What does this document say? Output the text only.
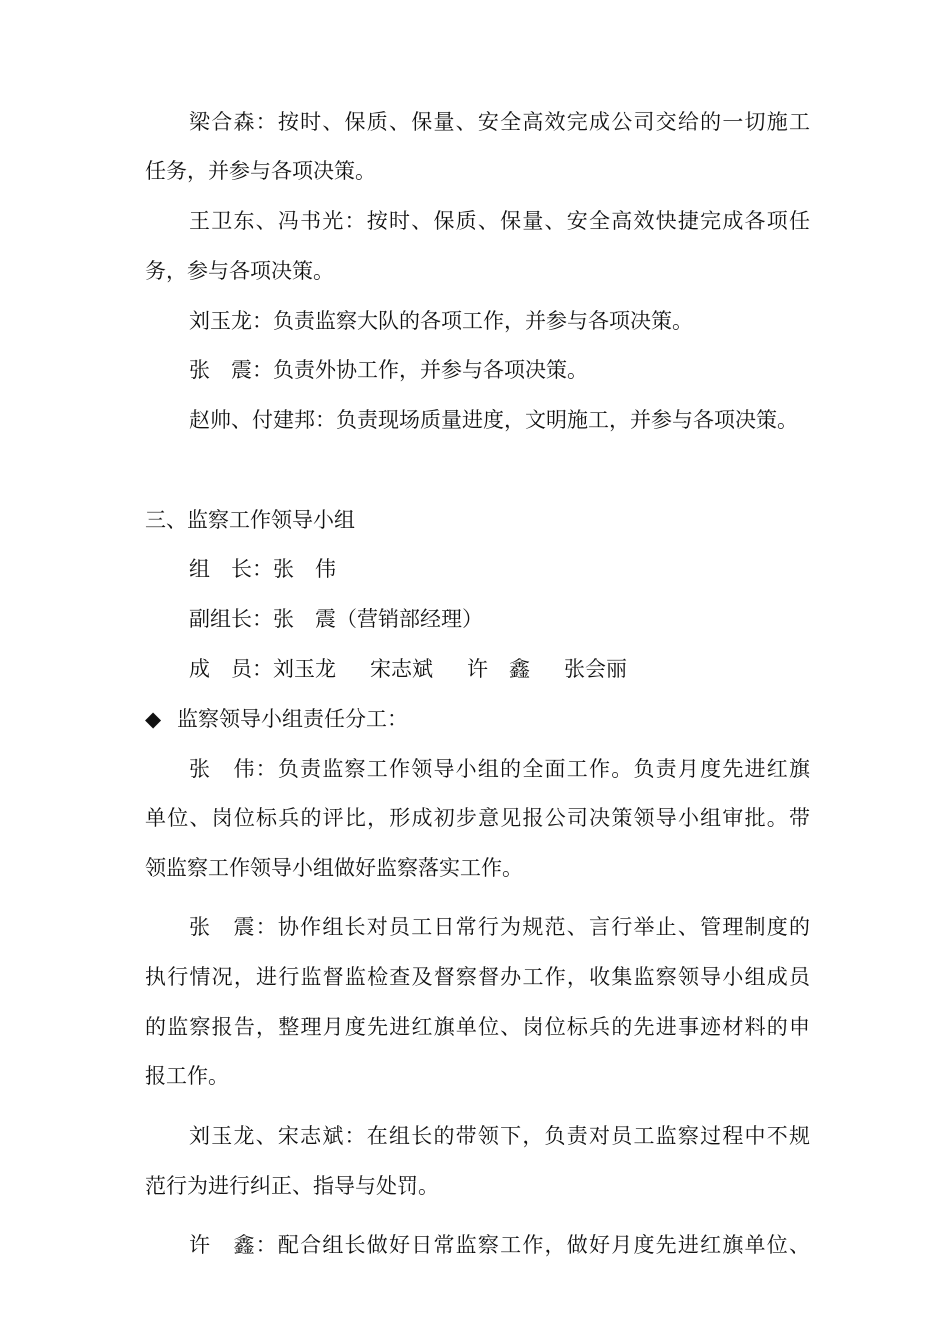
梁合森：按时、保质、保量、安全高效完成公司交给的一切施工
任务，并参与各项决策。
王卫东、冯书光：按时、保质、保量、安全高效快捷完成各项任
务，参与各项决策。
刘玉龙：负责监察大队的各项工作，并参与各项决策。
张　震：负责外协工作，并参与各项决策。
赵帅、付建邦：负责现场质量进度，文明施工，并参与各项决策。
三、监察工作领导小组
组　长：张　伟
副组长：张　震（营销部经理）
成　员：刘玉龙 宋志斌 许　鑫 张会丽
◆ 监察领导小组责任分工：
张　伟：负责监察工作领导小组的全面工作。负责月度先进红旗
单位、岗位标兵的评比，形成初步意见报公司决策领导小组审批。带
领监察工作领导小组做好监察落实工作。
张　震：协作组长对员工日常行为规范、言行举止、管理制度的
执行情况，进行监督监检查及督察督办工作，收集监察领导小组成员
的监察报告，整理月度先进红旗单位、岗位标兵的先进事迹材料的申
报工作。
刘玉龙、宋志斌：在组长的带领下，负责对员工监察过程中不规
范行为进行纠正、指导与处罚。
许　鑫：配合组长做好日常监察工作，做好月度先进红旗单位、
